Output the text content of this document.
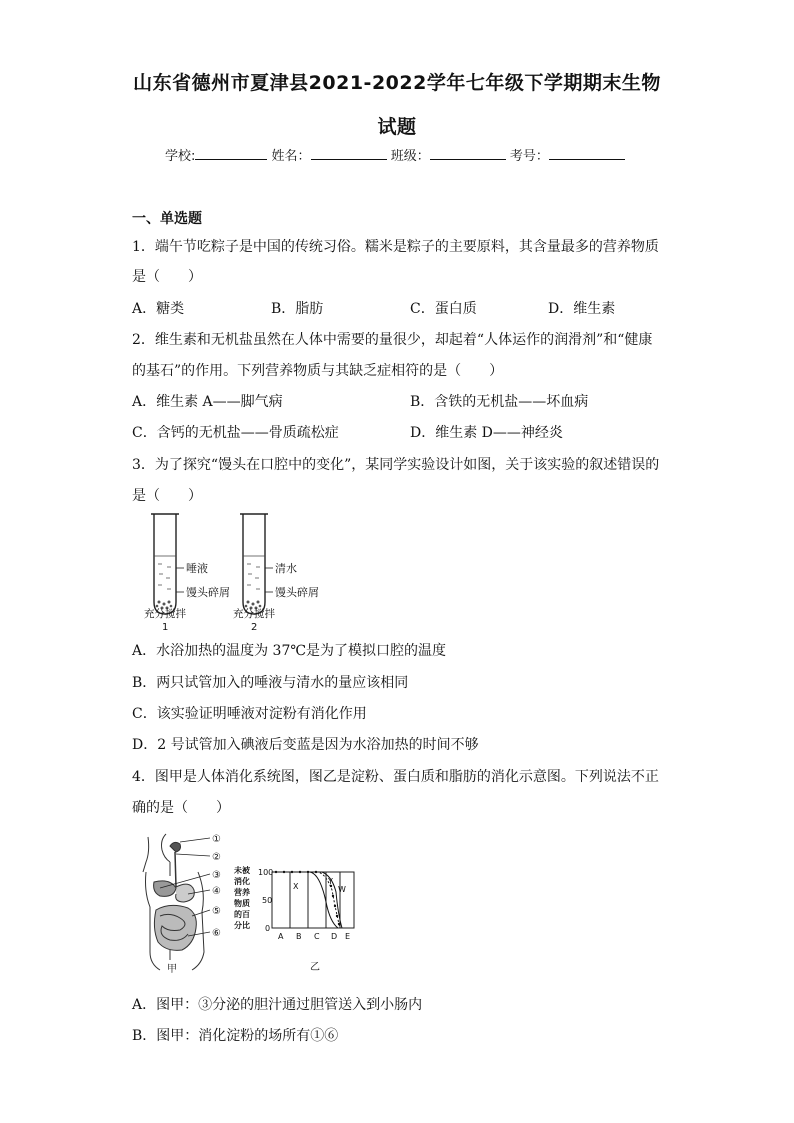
山东省德州市夏津县2021-2022学年七年级下学期期末生物
试题
学校:	姓名：	班级：	考号：
一、单选题
1．端午节吃粽子是中国的传统习俗。糯米是粽子的主要原料，其含量最多的营养物质
是（　　）
A．糖类	B．脂肪	C．蛋白质	D．维生素
2．维生素和无机盐虽然在人体中需要的量很少，却起着“人体运作的润滑剂”和“健康
的基石”的作用。下列营养物质与其缺乏症相符的是（　　）
A．维生素 A——脚气病	B．含铁的无机盐——坏血病
C．含钙的无机盐——骨质疏松症	D．维生素 D——神经炎
3．为了探究“馒头在口腔中的变化”，某同学实验设计如图，关于该实验的叙述错误的
是（　　）
唾液
馒头碎屑
充分搅拌
1
清水
馒头碎屑
充分搅拌
2
A．水浴加热的温度为 37℃是为了模拟口腔的温度
B．两只试管加入的唾液与清水的量应该相同
C．该实验证明唾液对淀粉有消化作用
D．2 号试管加入碘液后变蓝是因为水浴加热的时间不够
4．图甲是人体消化系统图，图乙是淀粉、蛋白质和脂肪的消化示意图。下列说法不正
确的是（　　）
①
②
③
④
⑤
⑥
甲
未被
消化
营养
物质
的百
分比
100
50
0
X
Y
W
A B C D E
乙
A．图甲：③分泌的胆汁通过胆管送入到小肠内
B．图甲：消化淀粉的场所有①⑥
